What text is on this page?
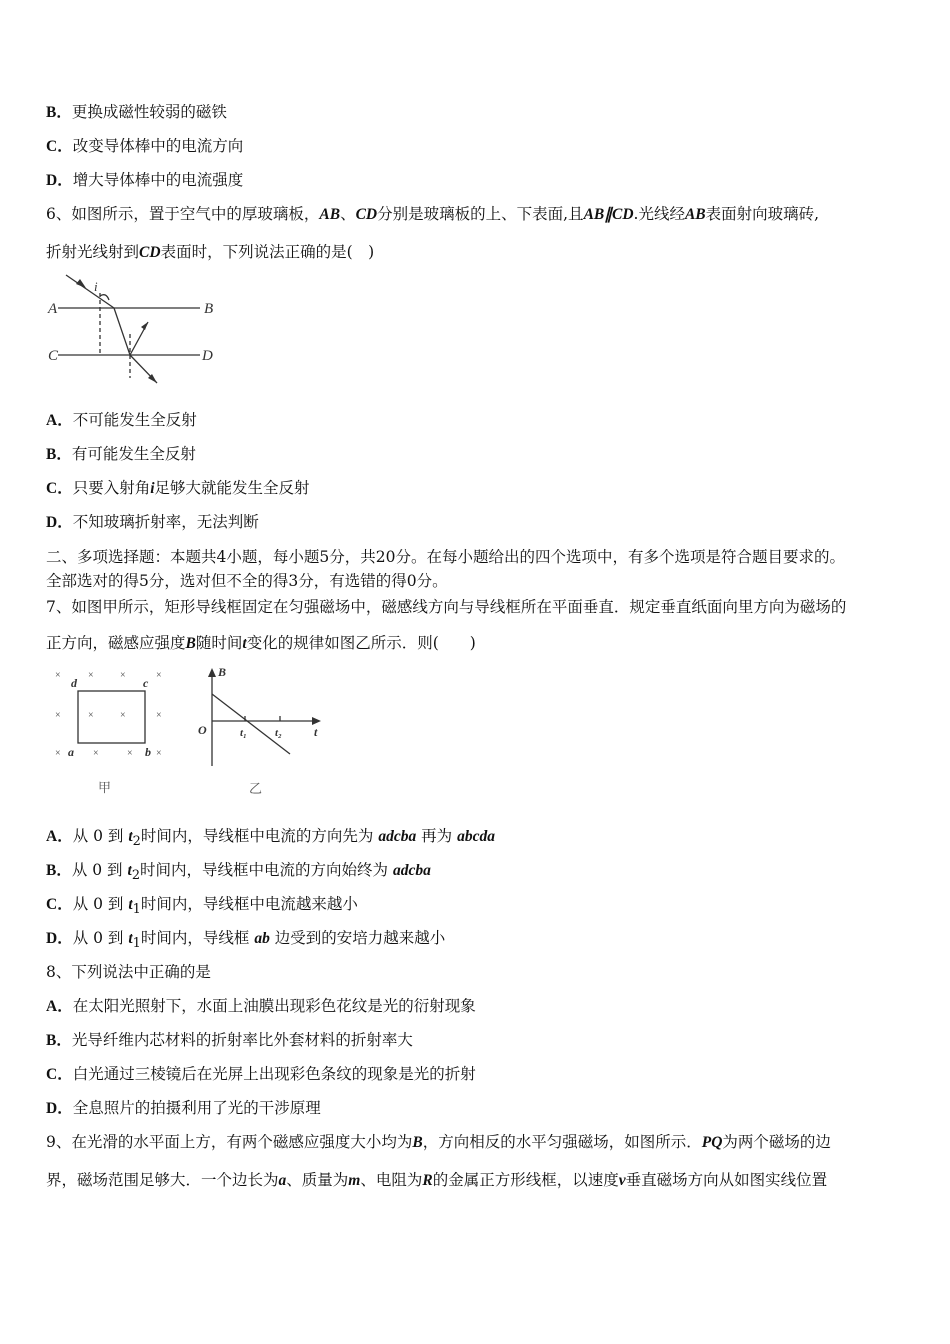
B．更换成磁性较弱的磁铁
C．改变导体棒中的电流方向
D．增大导体棒中的电流强度
6、如图所示，置于空气中的厚玻璃板，AB、CD分别是玻璃板的上、下表面,且AB∥CD.光线经AB表面射向玻璃砖,
折射光线射到CD表面时，下列说法正确的是(　)
A	B
C	D
i
A．不可能发生全反射
B．有可能发生全反射
C．只要入射角i足够大就能发生全反射
D．不知玻璃折射率，无法判断
二、多项选择题：本题共4小题，每小题5分，共20分。在每小题给出的四个选项中，有多个选项是符合题目要求的。
全部选对的得5分，选对但不全的得3分，有选错的得0分。
7、如图甲所示，矩形导线框固定在匀强磁场中，磁感线方向与导线框所在平面垂直．规定垂直纸面向里方向为磁场的
正方向，磁感应强度B随时间t变化的规律如图乙所示．则(　　)
×	×	×	×
×	×	×	×
×	×	× ×
d	c
a	b
甲
B
O	t₁	t₂	t
乙
A．从 0 到 $t_2$时间内，导线框中电流的方向先为 adcba 再为 abcda
B．从 0 到 $t_2$时间内，导线框中电流的方向始终为 adcba
C．从 0 到 $t_1$时间内，导线框中电流越来越小
D．从 0 到 $t_1$时间内，导线框 ab 边受到的安培力越来越小
8、下列说法中正确的是
A．在太阳光照射下，水面上油膜出现彩色花纹是光的衍射现象
B．光导纤维内芯材料的折射率比外套材料的折射率大
C．白光通过三棱镜后在光屏上出现彩色条纹的现象是光的折射
D．全息照片的拍摄利用了光的干涉原理
9、在光滑的水平面上方，有两个磁感应强度大小均为B，方向相反的水平匀强磁场，如图所示．PQ为两个磁场的边
界，磁场范围足够大．一个边长为a、质量为m、电阻为R的金属正方形线框，以速度v垂直磁场方向从如图实线位置
